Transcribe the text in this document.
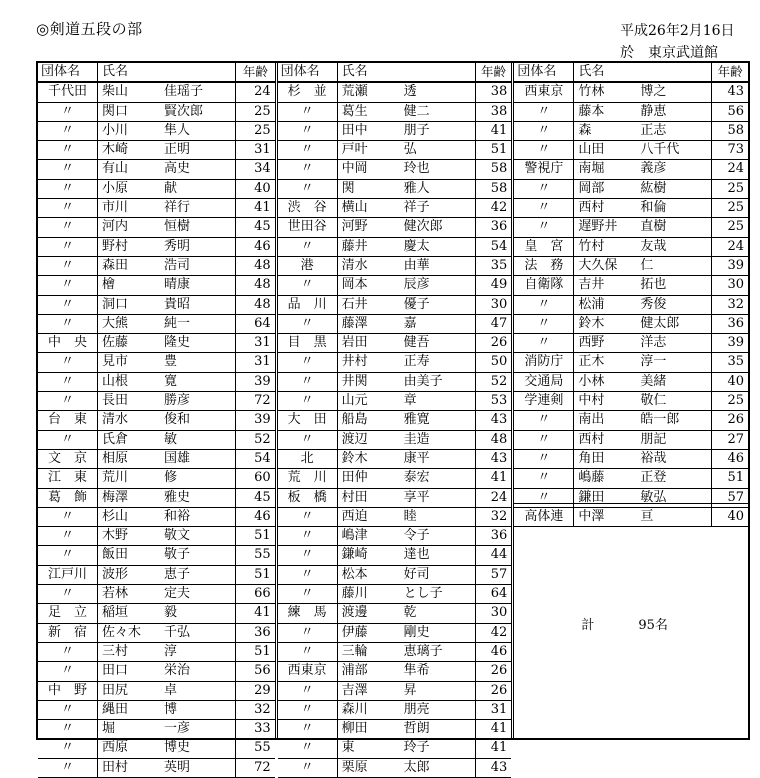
◎剣道五段の部	平成26年2月16日
於　東京武道館
団体名	氏名	年齢
千代田	柴山	佳瑶子	24
〃	関口	賢次郎	25
〃	小川	隼人	25
〃	木崎	正明	31
〃	有山	高史	34
〃	小原	献	40
〃	市川	祥行	41
〃	河内	恒樹	45
〃	野村	秀明	46
〃	森田	浩司	48
〃	檜	晴康	48
〃	洞口	貴昭	48
〃	大熊	純一	64
中　央	佐藤	隆史	31
〃	見市	豊	31
〃	山根	寛	39
〃	長田	勝彦	72
台　東	清水	俊和	39
〃	氏倉	敏	52
文　京	相原	国雄	54
江　東	荒川	修	60
葛　飾	梅澤	雅史	45
〃	杉山	和裕	46
〃	木野	敬文	51
〃	飯田	敬子	55
江戸川	波形	恵子	51
〃	若林	定夫	66
足　立	稲垣	毅	41
新　宿	佐々木	千弘	36
〃	三村	淳	51
〃	田口	栄治	56
中　野	田尻	卓	29
〃	縄田	博	32
〃	堀	一彦	33
〃	西原	博史	55
〃	田村	英明	72
団体名	氏名	年齢
杉　並	荒瀬	透	38
〃	葛生	健二	38
〃	田中	朋子	41
〃	戸叶	弘	51
〃	中岡	玲也	58
〃	関	雅人	58
渋　谷	横山	祥子	42
世田谷	河野	健次郎	36
〃	藤井	慶太	54
港	清水	由華	35
〃	岡本	辰彦	49
品　川	石井	優子	30
〃	藤澤	嘉	47
目　黒	岩田	健吾	26
〃	井村	正寿	50
〃	井関	由美子	52
〃	山元	章	53
大　田	船島	雅寛	43
〃	渡辺	圭造	48
北	鈴木	康平	43
荒　川	田仲	泰宏	41
板　橋	村田	享平	24
〃	西迫	睦	32
〃	嶋津	令子	36
〃	鎌崎	達也	44
〃	松本	好司	57
〃	藤川	とし子	64
練　馬	渡邊	乾	30
〃	伊藤	剛史	42
〃	三輪	恵璃子	46
西東京	浦部	隼希	26
〃	吉澤	昇	26
〃	森川	朋亮	31
〃	柳田	哲朗	41
〃	東	玲子	41
〃	栗原	太郎	43
団体名	氏名	年齢
西東京	竹林	博之	43
〃	藤本	静恵	56
〃	森	正志	58
〃	山田	八千代	73
警視庁	南堀	義彦	24
〃	岡部	紘樹	25
〃	西村	和倫	25
〃	遅野井	直樹	25
皇　宮	竹村	友哉	24
法　務	大久保	仁	39
自衛隊	吉井	拓也	30
〃	松浦	秀俊	32
〃	鈴木	健太郎	36
〃	西野	洋志	39
消防庁	正木	淳一	35
交通局	小林	美緒	40
学連剣	中村	敬仁	25
〃	南出	皓一郎	26
〃	西村	朋記	27
〃	角田	裕哉	46
〃	嶋藤	正登	51
〃	鎌田	敏弘	57
高体連	中澤	亘	40
計	95名
